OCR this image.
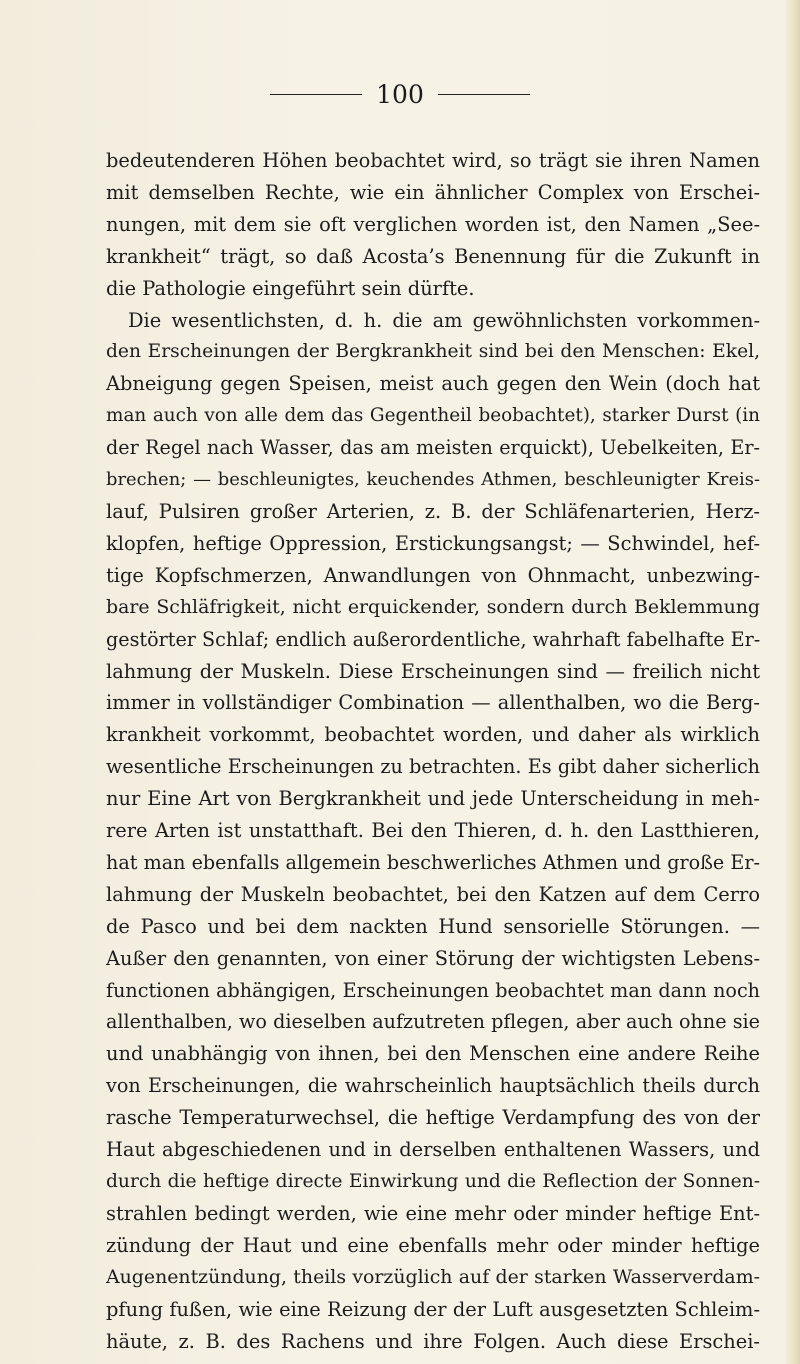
100
bedeutenderen Höhen beobachtet wird, so trägt sie ihren Namen
mit demselben Rechte, wie ein ähnlicher Complex von Erschei-
nungen, mit dem sie oft verglichen worden ist, den Namen „See-
krankheit“ trägt, so daß Acosta’s Benennung für die Zukunft in
die Pathologie eingeführt sein dürfte.
Die wesentlichsten, d. h. die am gewöhnlichsten vorkommen-
den Erscheinungen der Bergkrankheit sind bei den Menschen: Ekel,
Abneigung gegen Speisen, meist auch gegen den Wein (doch hat
man auch von alle dem das Gegentheil beobachtet), starker Durst (in
der Regel nach Wasser, das am meisten erquickt), Uebelkeiten, Er-
brechen; — beschleunigtes, keuchendes Athmen, beschleunigter Kreis-
lauf, Pulsiren großer Arterien, z. B. der Schläfenarterien, Herz-
klopfen, heftige Oppression, Erstickungsangst; — Schwindel, hef-
tige Kopfschmerzen, Anwandlungen von Ohnmacht, unbezwing-
bare Schläfrigkeit, nicht erquickender, sondern durch Beklemmung
gestörter Schlaf; endlich außerordentliche, wahrhaft fabelhafte Er-
lahmung der Muskeln. Diese Erscheinungen sind — freilich nicht
immer in vollständiger Combination — allenthalben, wo die Berg-
krankheit vorkommt, beobachtet worden, und daher als wirklich
wesentliche Erscheinungen zu betrachten. Es gibt daher sicherlich
nur Eine Art von Bergkrankheit und jede Unterscheidung in meh-
rere Arten ist unstatthaft. Bei den Thieren, d. h. den Lastthieren,
hat man ebenfalls allgemein beschwerliches Athmen und große Er-
lahmung der Muskeln beobachtet, bei den Katzen auf dem Cerro
de Pasco und bei dem nackten Hund sensorielle Störungen. —
Außer den genannten, von einer Störung der wichtigsten Lebens-
functionen abhängigen, Erscheinungen beobachtet man dann noch
allenthalben, wo dieselben aufzutreten pflegen, aber auch ohne sie
und unabhängig von ihnen, bei den Menschen eine andere Reihe
von Erscheinungen, die wahrscheinlich hauptsächlich theils durch
rasche Temperaturwechsel, die heftige Verdampfung des von der
Haut abgeschiedenen und in derselben enthaltenen Wassers, und
durch die heftige directe Einwirkung und die Reflection der Sonnen-
strahlen bedingt werden, wie eine mehr oder minder heftige Ent-
zündung der Haut und eine ebenfalls mehr oder minder heftige
Augenentzündung, theils vorzüglich auf der starken Wasserverdam-
pfung fußen, wie eine Reizung der der Luft ausgesetzten Schleim-
häute, z. B. des Rachens und ihre Folgen. Auch diese Erschei-
